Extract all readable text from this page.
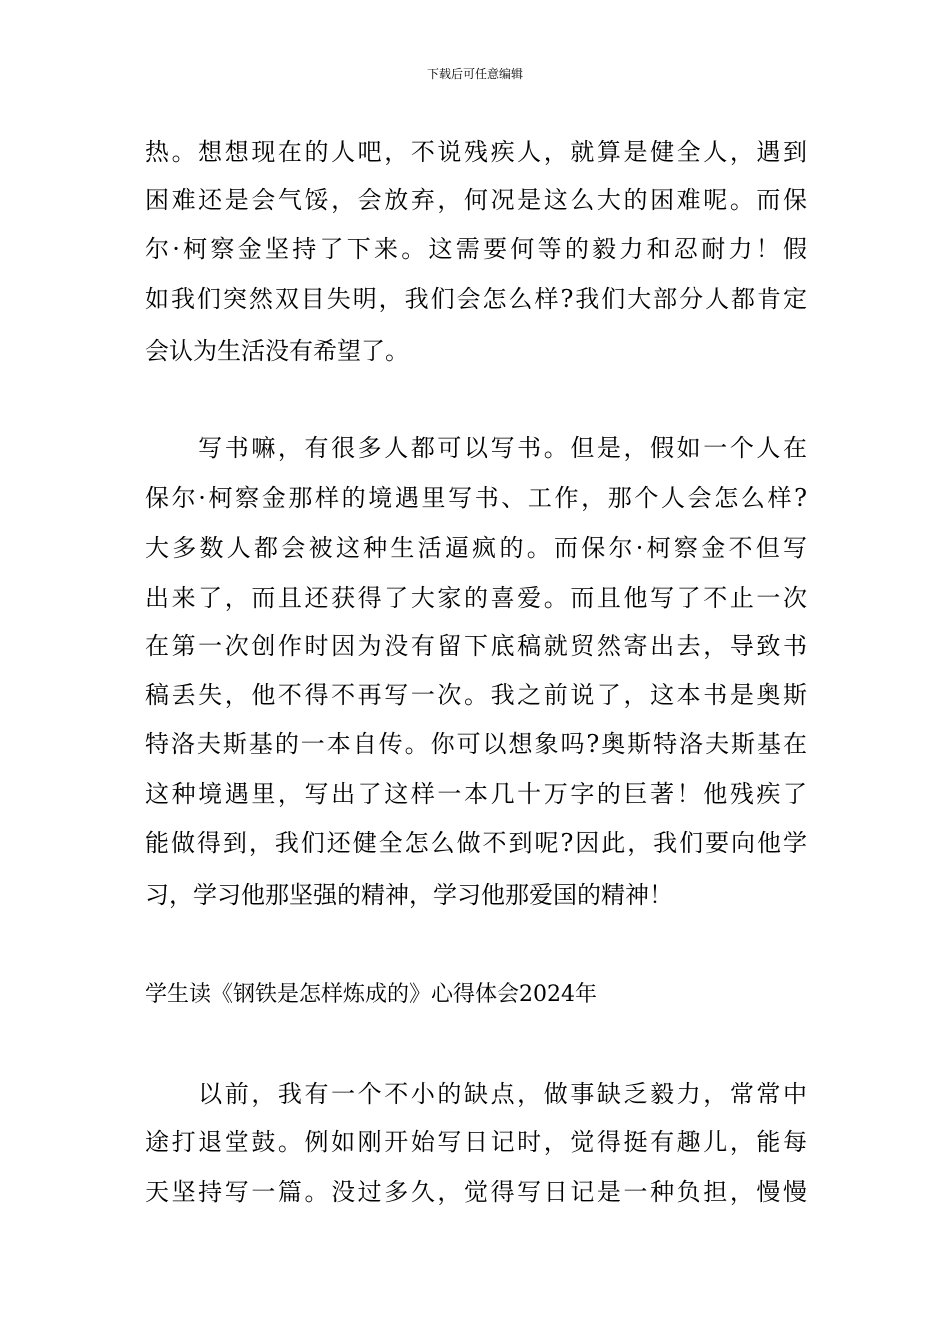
下载后可任意编辑
热。想想现在的人吧，不说残疾人，就算是健全人，遇到
困难还是会气馁，会放弃，何况是这么大的困难呢。而保
尔·柯察金坚持了下来。这需要何等的毅力和忍耐力！假
如我们突然双目失明，我们会怎么样?我们大部分人都肯定
会认为生活没有希望了。
　　写书嘛，有很多人都可以写书。但是，假如一个人在
保尔·柯察金那样的境遇里写书、工作，那个人会怎么样?
大多数人都会被这种生活逼疯的。而保尔·柯察金不但写
出来了，而且还获得了大家的喜爱。而且他写了不止一次
在第一次创作时因为没有留下底稿就贸然寄出去，导致书
稿丢失，他不得不再写一次。我之前说了，这本书是奥斯
特洛夫斯基的一本自传。你可以想象吗?奥斯特洛夫斯基在
这种境遇里，写出了这样一本几十万字的巨著！他残疾了
能做得到，我们还健全怎么做不到呢?因此，我们要向他学
习，学习他那坚强的精神，学习他那爱国的精神！
学生读《钢铁是怎样炼成的》心得体会2024年
　　以前，我有一个不小的缺点，做事缺乏毅力，常常中
途打退堂鼓。例如刚开始写日记时，觉得挺有趣儿，能每
天坚持写一篇。没过多久，觉得写日记是一种负担，慢慢
